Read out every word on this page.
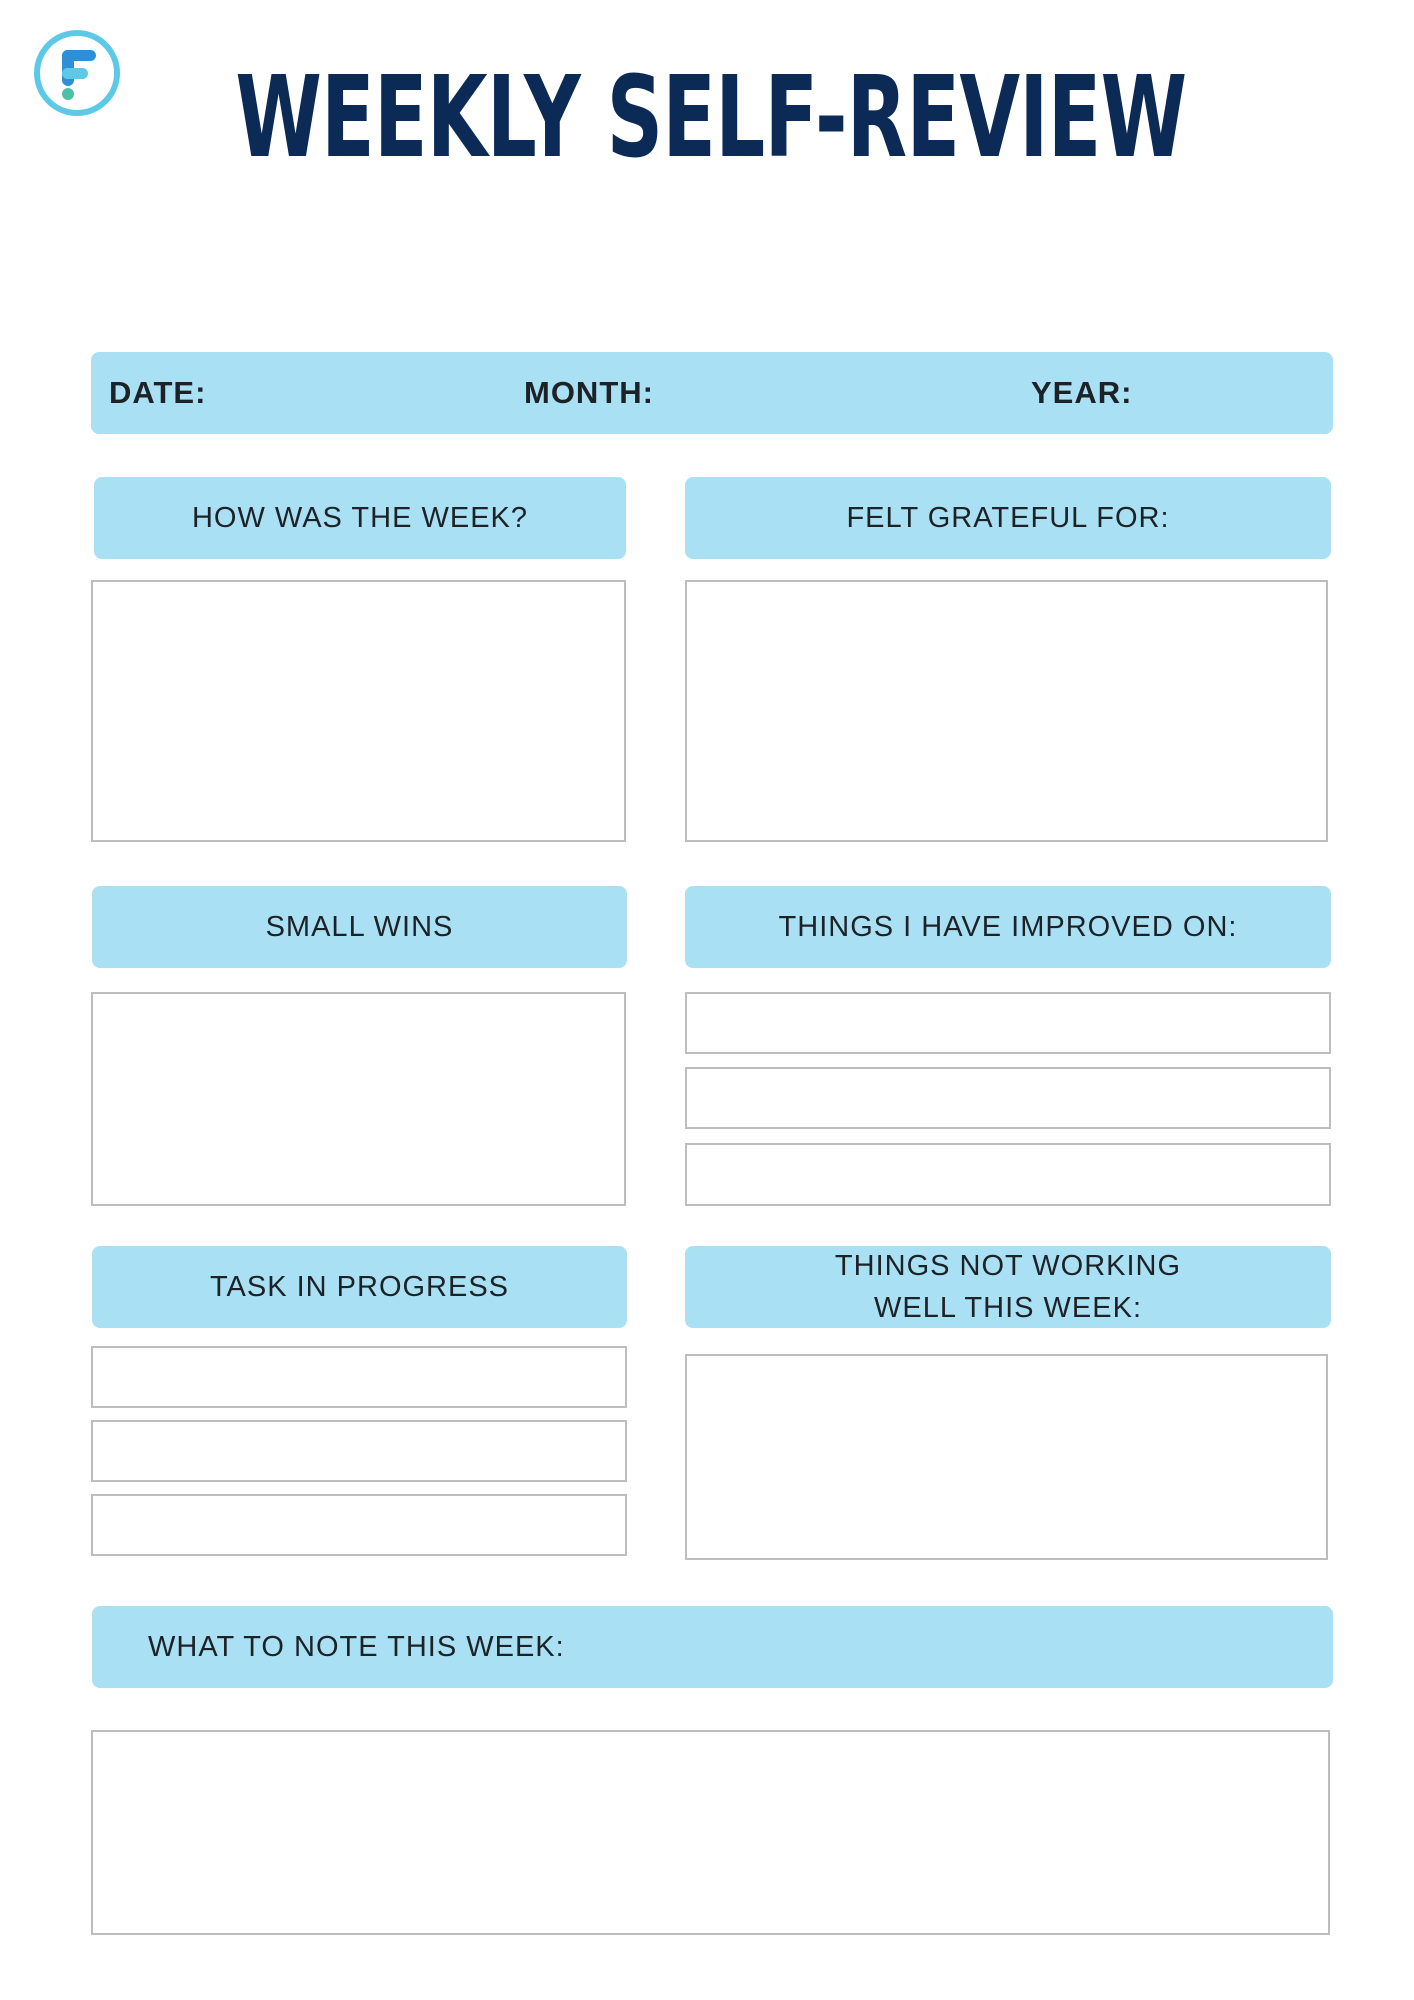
WEEKLY SELF-REVIEW
DATE:	MONTH:	YEAR:
HOW WAS THE WEEK?	FELT GRATEFUL FOR:
SMALL WINS	THINGS I HAVE IMPROVED ON:
TASK IN PROGRESS
THINGS NOT WORKING
WELL THIS WEEK:
WHAT TO NOTE THIS WEEK:
